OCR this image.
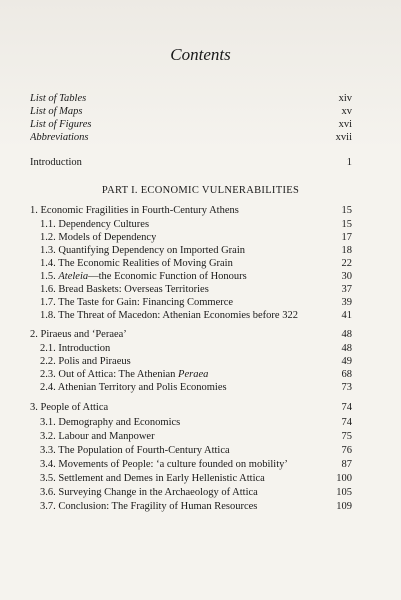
Contents
List of Tables	xiv
List of Maps	xv
List of Figures	xvi
Abbreviations	xvii
Introduction	1
PART I. ECONOMIC VULNERABILITIES
1. Economic Fragilities in Fourth-Century Athens	15
1.1. Dependency Cultures	15
1.2. Models of Dependency	17
1.3. Quantifying Dependency on Imported Grain	18
1.4. The Economic Realities of Moving Grain	22
1.5. Ateleia—the Economic Function of Honours	30
1.6. Bread Baskets: Overseas Territories	37
1.7. The Taste for Gain: Financing Commerce	39
1.8. The Threat of Macedon: Athenian Economies before 322	41
2. Piraeus and ‘Peraea’	48
2.1. Introduction	48
2.2. Polis and Piraeus	49
2.3. Out of Attica: The Athenian Peraea	68
2.4. Athenian Territory and Polis Economies	73
3. People of Attica	74
3.1. Demography and Economics	74
3.2. Labour and Manpower	75
3.3. The Population of Fourth-Century Attica	76
3.4. Movements of People: ‘a culture founded on mobility’	87
3.5. Settlement and Demes in Early Hellenistic Attica	100
3.6. Surveying Change in the Archaeology of Attica	105
3.7. Conclusion: The Fragility of Human Resources	109
